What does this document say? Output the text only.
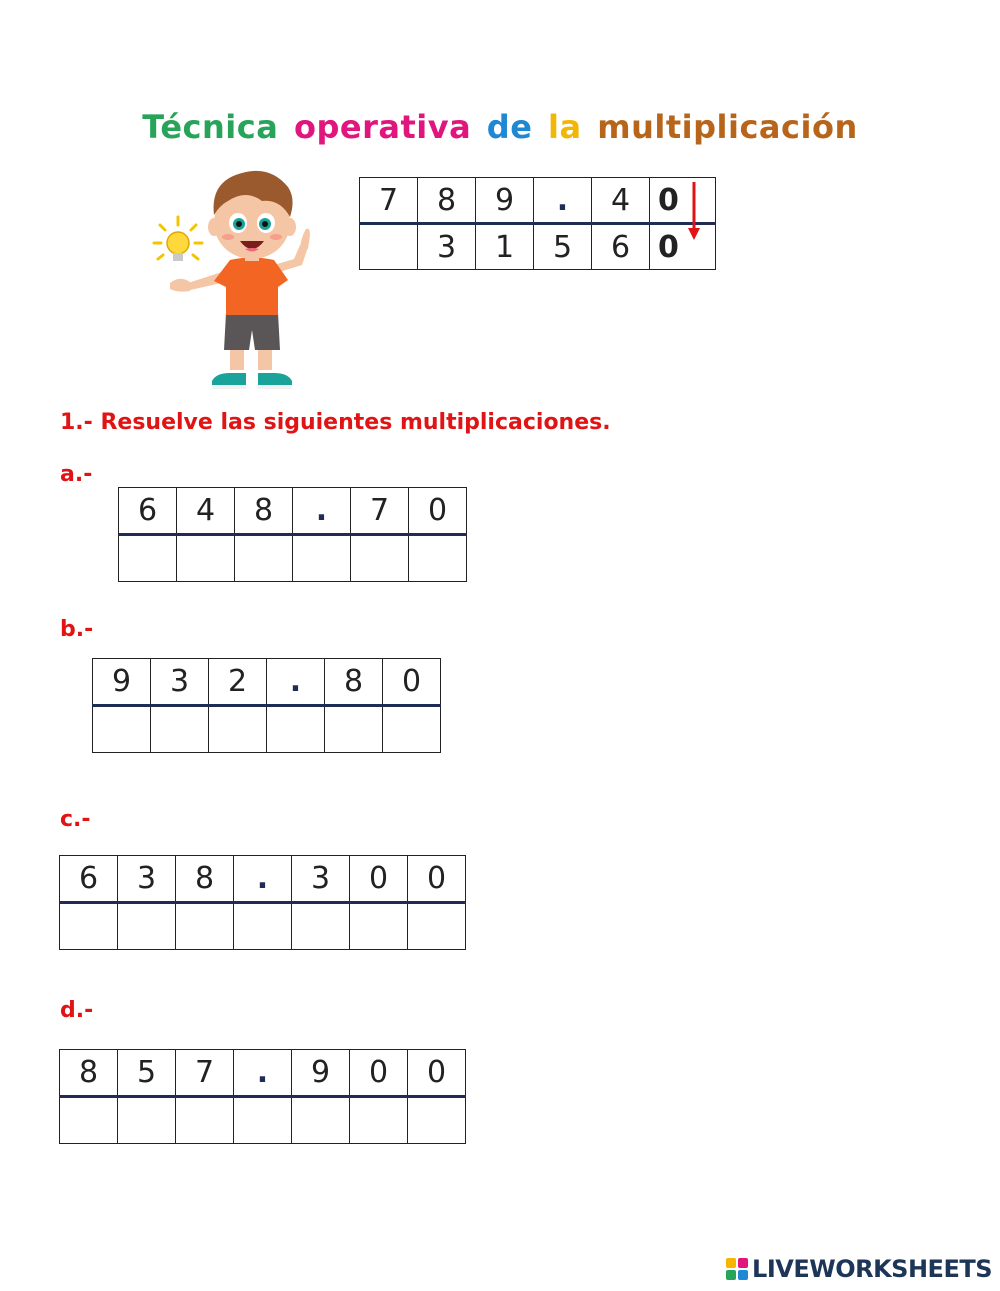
Técnica operativa de la multiplicación
7	8	9	.	4	0
	3	1	5	6	0
1.- Resuelve las siguientes multiplicaciones.
a.-
6	4	8	.	7	0

b.-
9	3	2	.	8	0

c.-
6	3	8	.	3	0	0

d.-
8	5	7	.	9	0	0

LIVEWORKSHEETS
